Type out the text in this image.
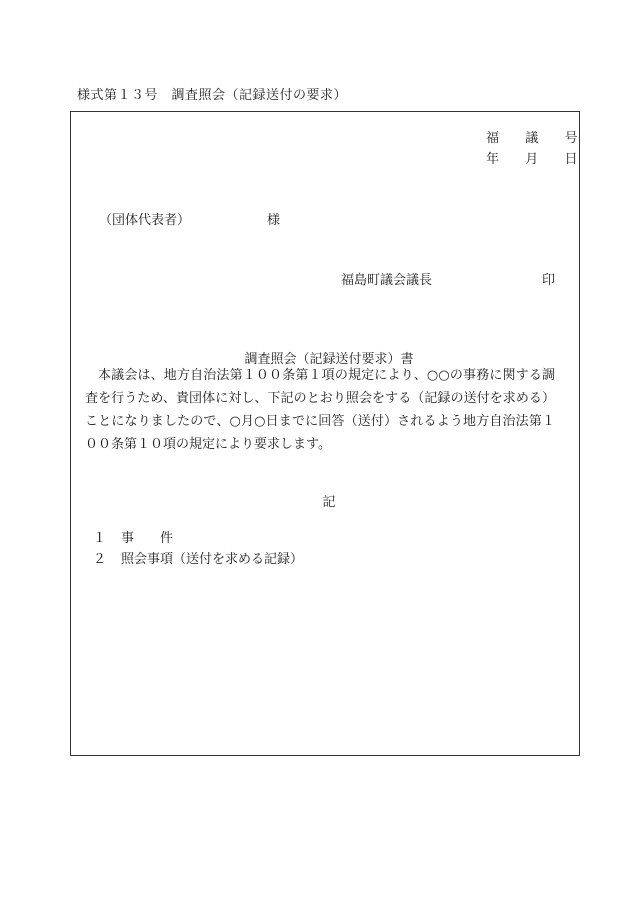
様式第１３号　調査照会（記録送付の要求）
福 議 号
年 月 日
（団体代表者）	様
福島町議会議長	印
調査照会（記録送付要求）書

本議会は、地方自治法第１００条第１項の規定により、○○の事務に関する調査を行うため、貴団体に対し、下記のとおり照会をする（記録の送付を求める）ことになりましたので、○月○日までに回答（送付）されるよう地方自治法第１００条第１０項の規定により要求します。

記
１ 事　　件
２ 照会事項（送付を求める記録）
